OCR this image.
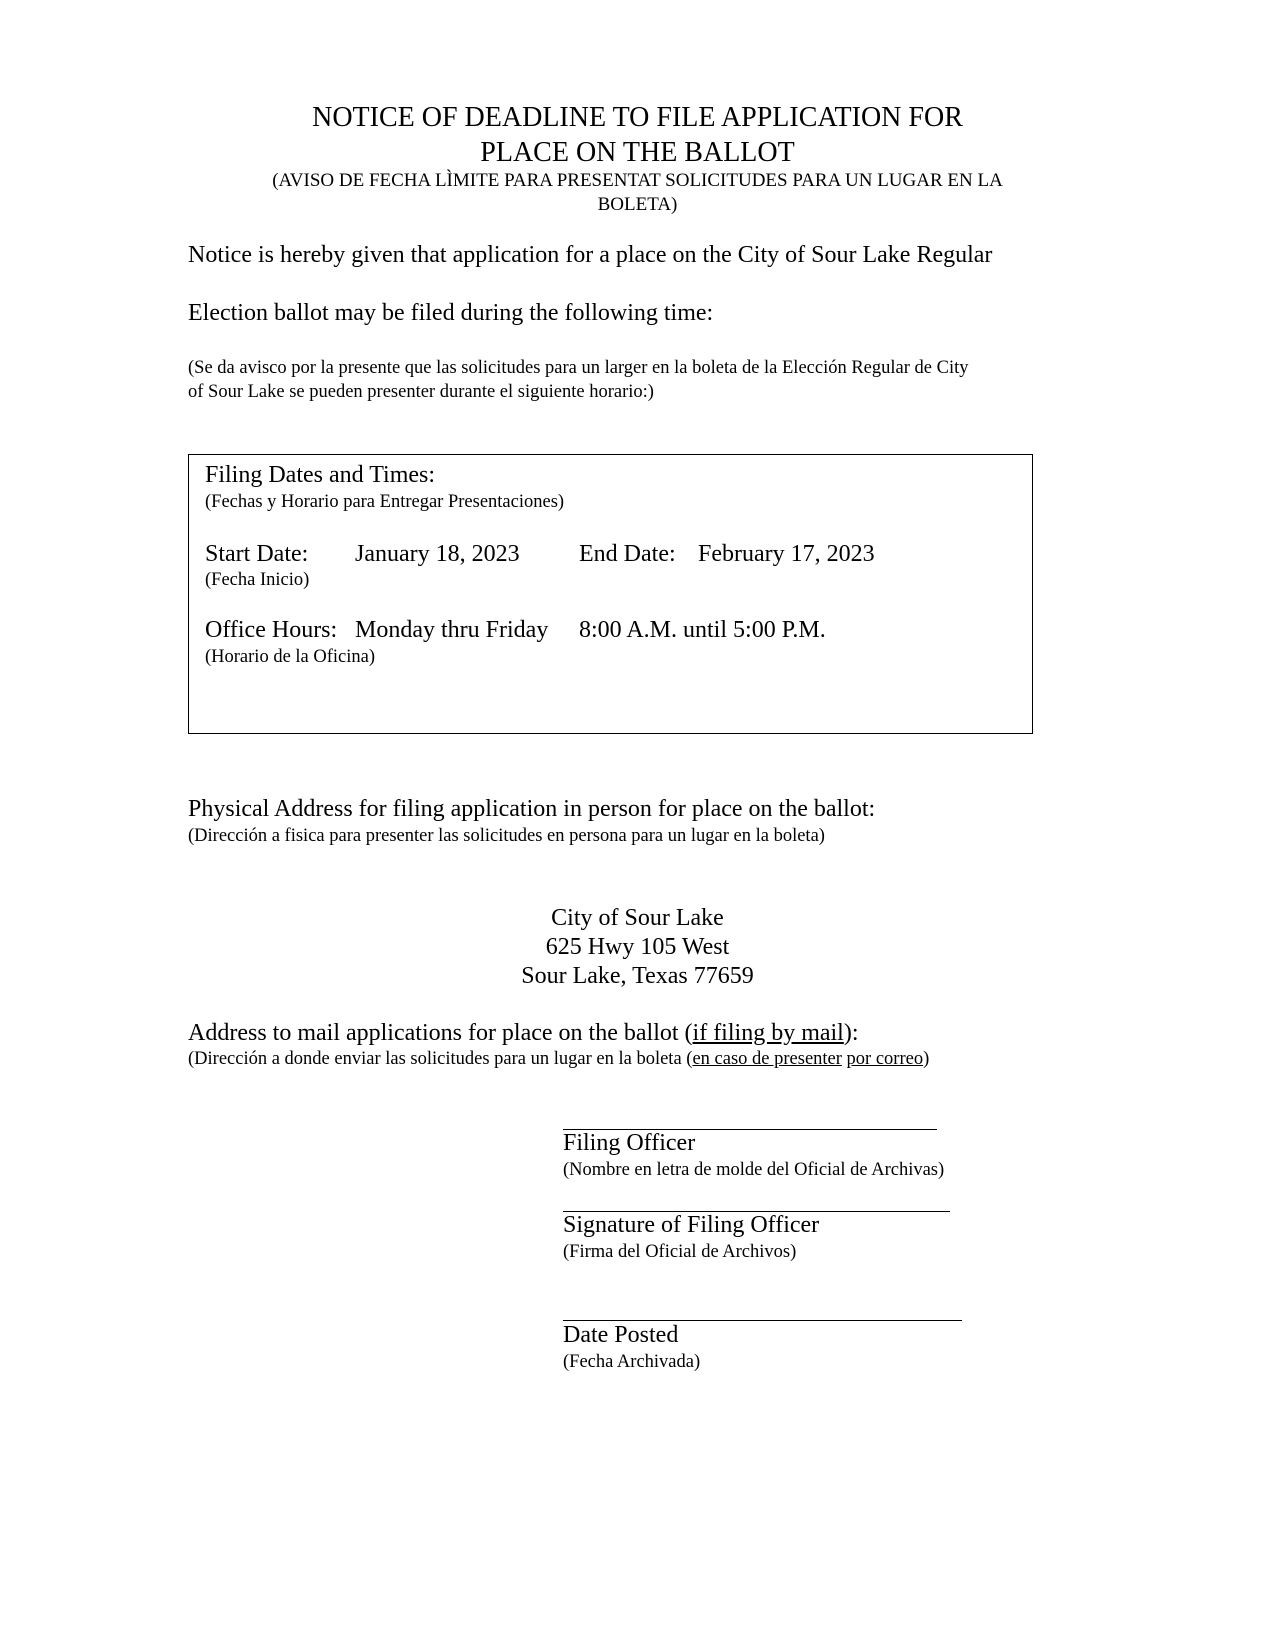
NOTICE OF DEADLINE TO FILE APPLICATION FOR
PLACE ON THE BALLOT
(AVISO DE FECHA LÌMITE PARA PRESENTAT SOLICITUDES PARA UN LUGAR EN LA
BOLETA)
Notice is hereby given that application for a place on the City of Sour Lake Regular
Election ballot may be filed during the following time:
(Se da avisco por la presente que las solicitudes para un larger en la boleta de la Elección Regular de City
of Sour Lake se pueden presenter durante el siguiente horario:)
Filing Dates and Times:
(Fechas y Horario para Entregar Presentaciones)
Start Date: January 18, 2023 End Date: February 17, 2023
(Fecha Inicio)
Office Hours: Monday thru Friday 8:00 A.M. until 5:00 P.M.
(Horario de la Oficina)
Physical Address for filing application in person for place on the ballot:
(Dirección a fisica para presenter las solicitudes en persona para un lugar en la boleta)
City of Sour Lake
625 Hwy 105 West
Sour Lake, Texas 77659
Address to mail applications for place on the ballot (if filing by mail):
(Dirección a donde enviar las solicitudes para un lugar en la boleta (en caso de presenter por correo)
Filing Officer
(Nombre en letra de molde del Oficial de Archivas)
Signature of Filing Officer
(Firma del Oficial de Archivos)
Date Posted
(Fecha Archivada)
